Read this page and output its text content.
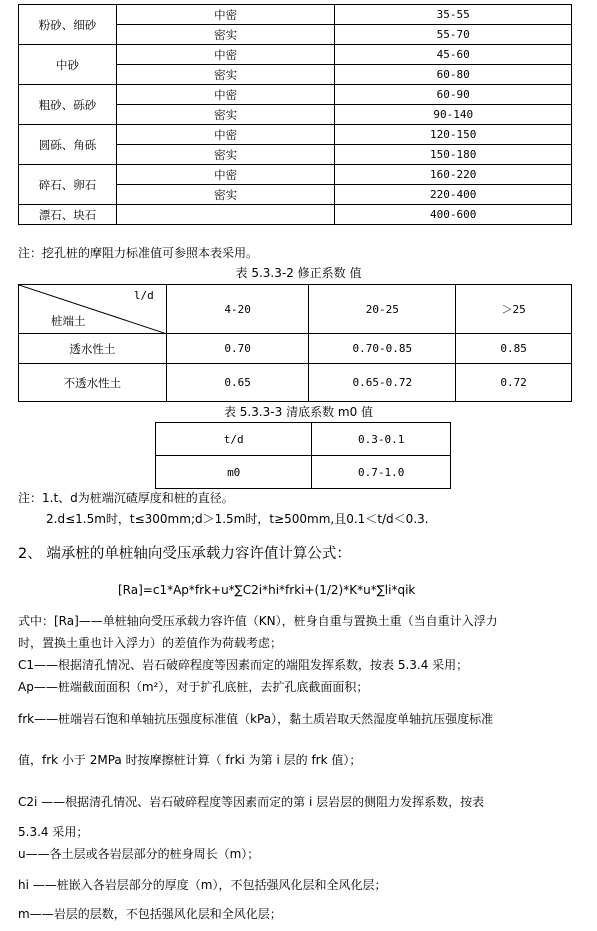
粉砂、细砂	中密	35-55
	密实	55-70
中砂	中密	45-60
	密实	60-80
粗砂、砾砂	中密	60-90
	密实	90-140
圆砾、角砾	中密	120-150
	密实	150-180
碎石、卵石	中密	160-220
	密实	220-400
漂石、块石		400-600
注：挖孔桩的摩阻力标准值可参照本表采用。
表 5.3.3-2 修正系数 值
l/d
桩端土	4-20	20-25	＞25
透水性土	0.70	0.70-0.85	0.85
不透水性土	0.65	0.65-0.72	0.72
表 5.3.3-3 清底系数 m0 值
t/d	0.3-0.1
m0	0.7-1.0
注：1.t、d为桩端沉碴厚度和桩的直径。
2.d≤1.5m时，t≤300mm;d＞1.5m时，t≥500mm,且0.1＜t/d＜0.3.
2、 端承桩的单桩轴向受压承载力容许值计算公式：
[Ra]=c1*Ap*frk+u*∑C2i*hi*frki+(1/2)*K*u*∑li*qik
式中：[Ra]——单桩轴向受压承载力容许值（KN），桩身自重与置换土重（当自重计入浮力
时，置换土重也计入浮力）的差值作为荷载考虑；
C1——根据清孔情况、岩石破碎程度等因素而定的端阻发挥系数，按表 5.3.4 采用；
Ap——桩端截面面积（m²），对于扩孔底桩，去扩孔底截面面积；
frk——桩端岩石饱和单轴抗压强度标准值（kPa），黏土质岩取天然湿度单轴抗压强度标准
值，frk 小于 2MPa 时按摩擦桩计算（ frki 为第 i 层的 frk 值）；
C2i ——根据清孔情况、岩石破碎程度等因素而定的第 i 层岩层的侧阻力发挥系数，按表
5.3.4 采用；
u——各土层或各岩层部分的桩身周长（m）；
hi ——桩嵌入各岩层部分的厚度（m），不包括强风化层和全风化层；
m——岩层的层数，不包括强风化层和全风化层；
